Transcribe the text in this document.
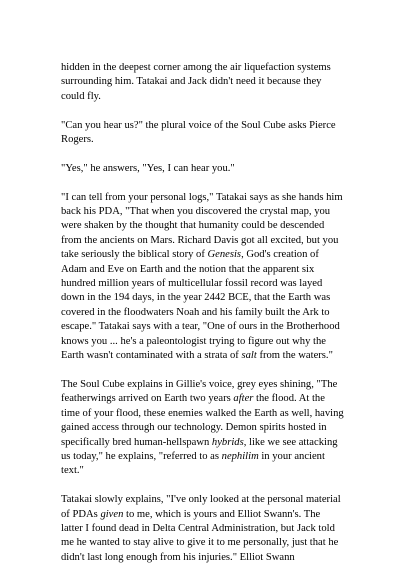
hidden in the deepest corner among the air liquefaction systems
surrounding him. Tatakai and Jack didn't need it because they
could fly.

"Can you hear us?" the plural voice of the Soul Cube asks Pierce
Rogers.

"Yes," he answers, "Yes, I can hear you."

"I can tell from your personal logs," Tatakai says as she hands him
back his PDA, "That when you discovered the crystal map, you
were shaken by the thought that humanity could be descended
from the ancients on Mars. Richard Davis got all excited, but you
take seriously the biblical story of Genesis, God's creation of
Adam and Eve on Earth and the notion that the apparent six
hundred million years of multicellular fossil record was layed
down in the 194 days, in the year 2442 BCE, that the Earth was
covered in the floodwaters Noah and his family built the Ark to
escape." Tatakai says with a tear, "One of ours in the Brotherhood
knows you ... he's a paleontologist trying to figure out why the
Earth wasn't contaminated with a strata of salt from the waters."

The Soul Cube explains in Gillie's voice, grey eyes shining, "The
featherwings arrived on Earth two years after the flood. At the
time of your flood, these enemies walked the Earth as well, having
gained access through our technology. Demon spirits hosted in
specifically bred human-hellspawn hybrids, like we see attacking
us today," he explains, "referred to as nephilim in your ancient
text."

Tatakai slowly explains, "I've only looked at the personal material
of PDAs given to me, which is yours and Elliot Swann's. The
latter I found dead in Delta Central Administration, but Jack told
me he wanted to stay alive to give it to me personally, just that he
didn't last long enough from his injuries." Elliot Swann
